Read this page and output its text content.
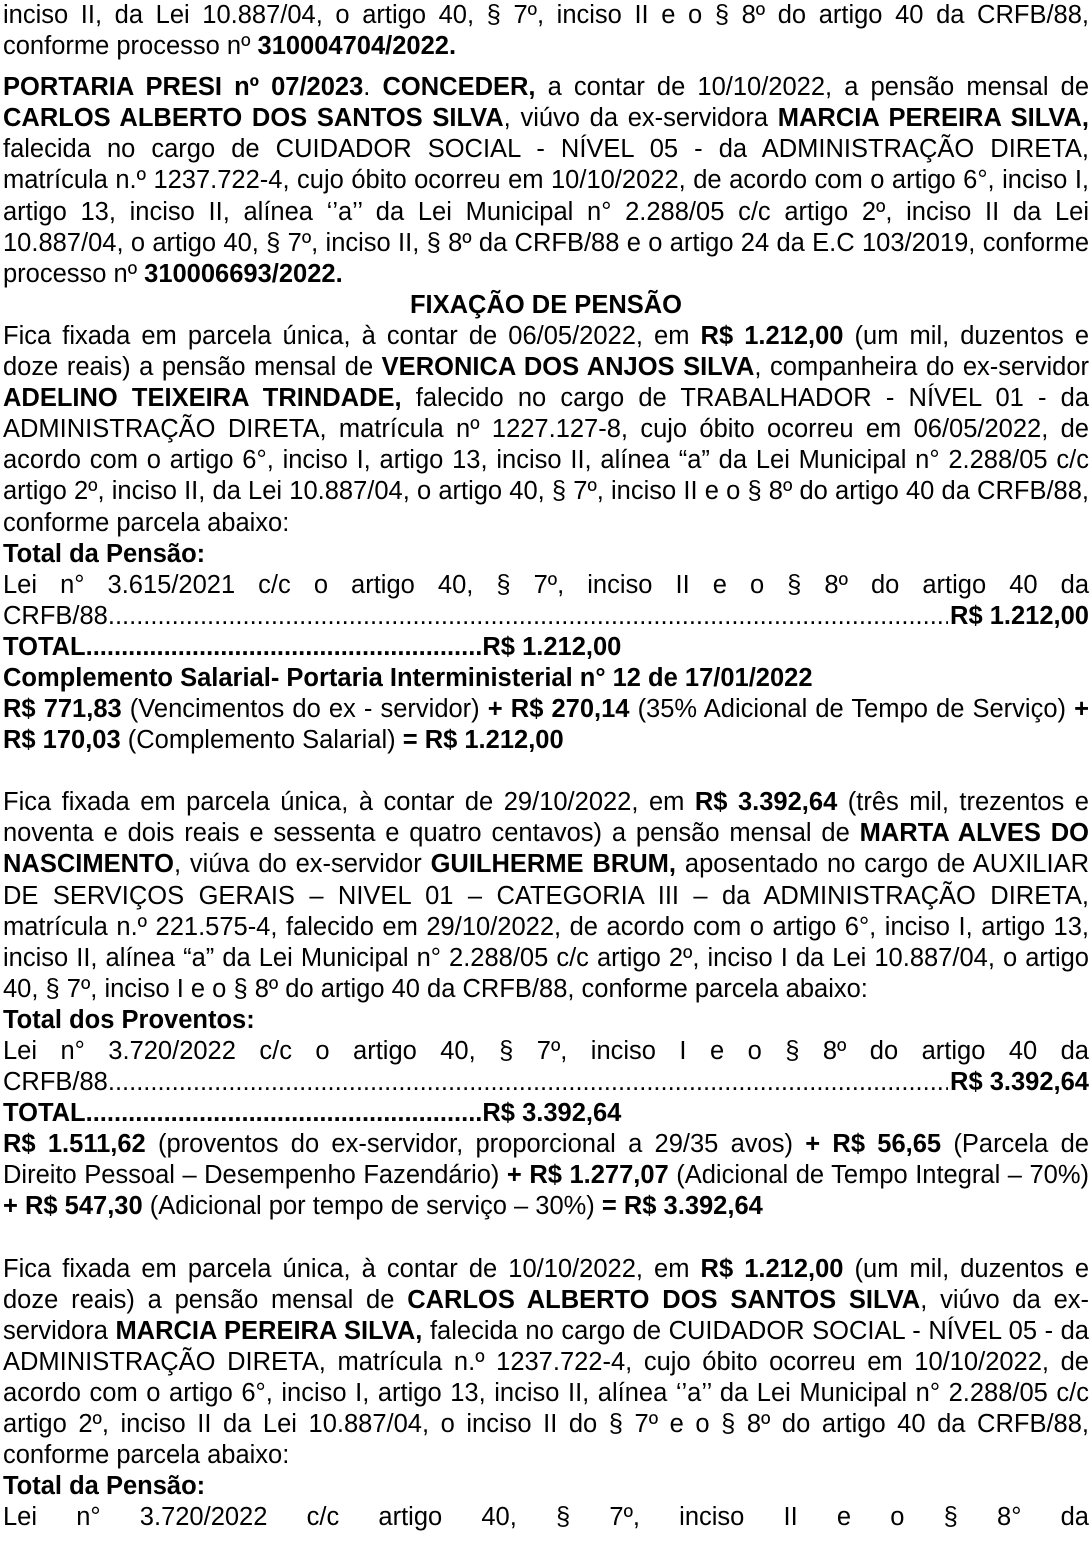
inciso II, da Lei 10.887/04, o artigo 40, § 7º, inciso II e o § 8º do artigo 40 da CRFB/88, conforme processo nº 310004704/2022.

PORTARIA PRESI nº 07/2023. CONCEDER, a contar de 10/10/2022, a pensão mensal de CARLOS ALBERTO DOS SANTOS SILVA, viúvo da ex-servidora MARCIA PEREIRA SILVA, falecida no cargo de CUIDADOR SOCIAL - NÍVEL 05 - da ADMINISTRAÇÃO DIRETA, matrícula n.º 1237.722-4, cujo óbito ocorreu em 10/10/2022, de acordo com o artigo 6°, inciso I, artigo 13, inciso II, alínea ‘’a’’ da Lei Municipal n° 2.288/05 c/c artigo 2º, inciso II da Lei 10.887/04, o artigo 40, § 7º, inciso II, § 8º da CRFB/88 e o artigo 24 da E.C 103/2019, conforme processo nº 310006693/2022.

FIXAÇÃO DE PENSÃO

Fica fixada em parcela única, à contar de 06/05/2022, em R$ 1.212,00 (um mil, duzentos e doze reais) a pensão mensal de VERONICA DOS ANJOS SILVA, companheira do ex-servidor ADELINO TEIXEIRA TRINDADE, falecido no cargo de TRABALHADOR - NÍVEL 01 - da ADMINISTRAÇÃO DIRETA, matrícula nº 1227.127-8, cujo óbito ocorreu em 06/05/2022, de acordo com o artigo 6°, inciso I, artigo 13, inciso II, alínea “a” da Lei Municipal n° 2.288/05 c/c artigo 2º, inciso II, da Lei 10.887/04, o artigo 40, § 7º, inciso II e o § 8º do artigo 40 da CRFB/88, conforme parcela abaixo:

Total da Pensão:

Lei n° 3.615/2021 c/c o artigo 40, § 7º, inciso II e o § 8º do artigo 40 da

CRFB/88 .....	R$ 1.212,00

TOTAL........................................................R$ 1.212,00

Complemento Salarial- Portaria Interministerial n° 12 de 17/01/2022

R$ 771,83 (Vencimentos do ex - servidor) + R$ 270,14 (35% Adicional de Tempo de Serviço) + R$ 170,03 (Complemento Salarial) = R$ 1.212,00

Fica fixada em parcela única, à contar de 29/10/2022, em R$ 3.392,64 (três mil, trezentos e noventa e dois reais e sessenta e quatro centavos) a pensão mensal de MARTA ALVES DO NASCIMENTO, viúva do ex-servidor GUILHERME BRUM, aposentado no cargo de AUXILIAR DE SERVIÇOS GERAIS – NIVEL 01 – CATEGORIA III – da ADMINISTRAÇÃO DIRETA, matrícula n.º 221.575-4, falecido em 29/10/2022, de acordo com o artigo 6°, inciso I, artigo 13, inciso II, alínea “a” da Lei Municipal n° 2.288/05 c/c artigo 2º, inciso I da Lei 10.887/04, o artigo 40, § 7º, inciso I e o § 8º do artigo 40 da CRFB/88, conforme parcela abaixo:

Total dos Proventos:

Lei n° 3.720/2022 c/c o artigo 40, § 7º, inciso I e o § 8º do artigo 40 da

CRFB/88 .....	R$ 3.392,64

TOTAL........................................................R$ 3.392,64

R$ 1.511,62 (proventos do ex-servidor, proporcional a 29/35 avos) + R$ 56,65 (Parcela de Direito Pessoal – Desempenho Fazendário) + R$ 1.277,07 (Adicional de Tempo Integral – 70%) + R$ 547,30 (Adicional por tempo de serviço – 30%) = R$ 3.392,64

Fica fixada em parcela única, à contar de 10/10/2022, em R$ 1.212,00 (um mil, duzentos e doze reais) a pensão mensal de CARLOS ALBERTO DOS SANTOS SILVA, viúvo da ex-servidora MARCIA PEREIRA SILVA, falecida no cargo de CUIDADOR SOCIAL - NÍVEL 05 - da ADMINISTRAÇÃO DIRETA, matrícula n.º 1237.722-4, cujo óbito ocorreu em 10/10/2022, de acordo com o artigo 6°, inciso I, artigo 13, inciso II, alínea ‘’a’’ da Lei Municipal n° 2.288/05 c/c artigo 2º, inciso II da Lei 10.887/04, o inciso II do § 7º e o § 8º do artigo 40 da CRFB/88, conforme parcela abaixo:

Total da Pensão:

Lei n° 3.720/2022 c/c artigo 40, § 7º, inciso II e o § 8° da
